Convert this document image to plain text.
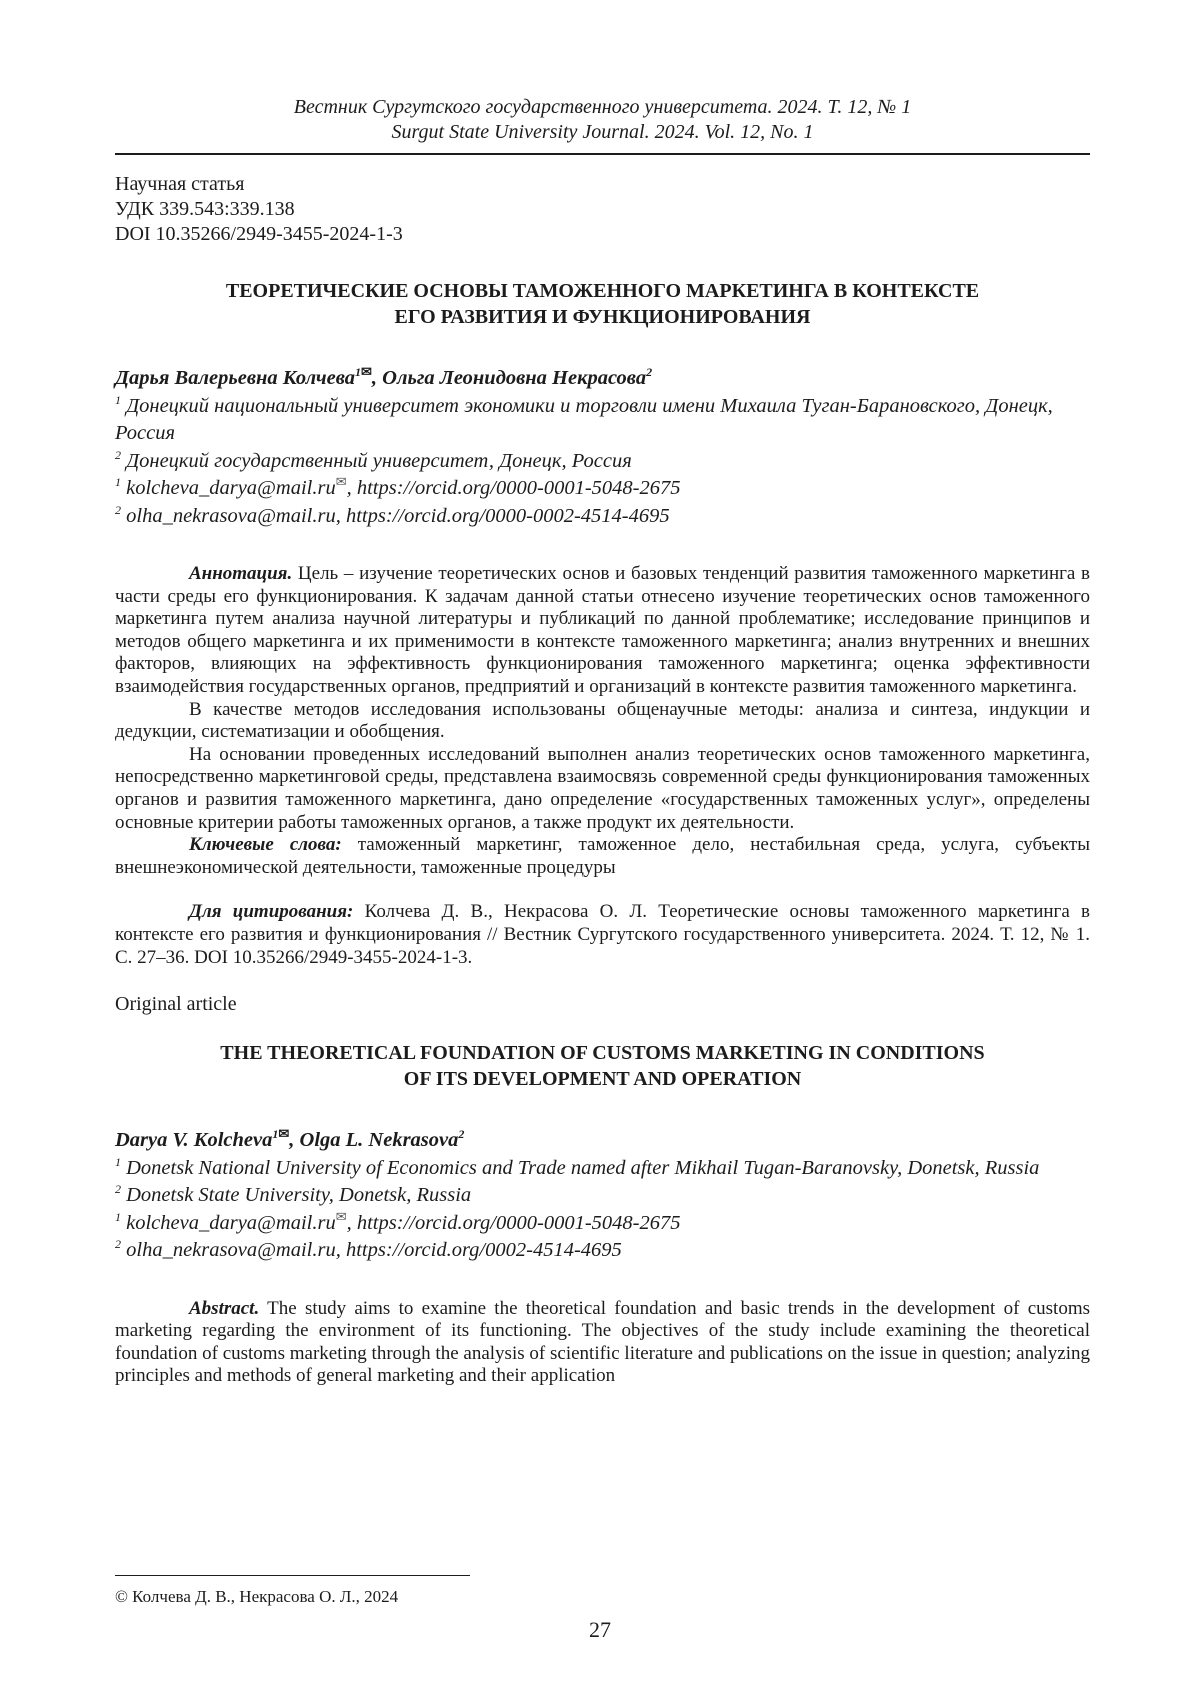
Вестник Сургутского государственного университета. 2024. Т. 12, № 1
Surgut State University Journal. 2024. Vol. 12, No. 1
Научная статья
УДК 339.543:339.138
DOI 10.35266/2949-3455-2024-1-3
ТЕОРЕТИЧЕСКИЕ ОСНОВЫ ТАМОЖЕННОГО МАРКЕТИНГА В КОНТЕКСТЕ
ЕГО РАЗВИТИЯ И ФУНКЦИОНИРОВАНИЯ
Дарья Валерьевна Колчева$^{1✉}$, Ольга Леонидовна Некрасова$^2$
$^1$ Донецкий национальный университет экономики и торговли имени Михаила Туган-Барановского, Донецк, Россия
$^2$ Донецкий государственный университет, Донецк, Россия
$^1$ kolcheva_darya@mail.ru✉, https://orcid.org/0000-0001-5048-2675
$^2$ olha_nekrasova@mail.ru, https://orcid.org/0000-0002-4514-4695

Аннотация. Цель – изучение теоретических основ и базовых тенденций развития таможенного маркетинга в части среды его функционирования. К задачам данной статьи отнесено изучение теоретических основ таможенного маркетинга путем анализа научной литературы и публикаций по данной проблематике; исследование принципов и методов общего маркетинга и их применимости в контексте таможенного маркетинга; анализ внутренних и внешних факторов, влияющих на эффективность функционирования таможенного маркетинга; оценка эффективности взаимодействия государственных органов, предприятий и организаций в контексте развития таможенного маркетинга.

В качестве методов исследования использованы общенаучные методы: анализа и синтеза, индукции и дедукции, систематизации и обобщения.

На основании проведенных исследований выполнен анализ теоретических основ таможенного маркетинга, непосредственно маркетинговой среды, представлена взаимосвязь современной среды функционирования таможенных органов и развития таможенного маркетинга, дано определение «государственных таможенных услуг», определены основные критерии работы таможенных органов, а также продукт их деятельности.

Ключевые слова: таможенный маркетинг, таможенное дело, нестабильная среда, услуга, субъекты внешнеэкономической деятельности, таможенные процедуры

Для цитирования: Колчева Д. В., Некрасова О. Л. Теоретические основы таможенного маркетинга в контексте его развития и функционирования // Вестник Сургутского государственного университета. 2024. Т. 12, № 1. С. 27–36. DOI 10.35266/2949-3455-2024-1-3.
Original article
THE THEORETICAL FOUNDATION OF CUSTOMS MARKETING IN CONDITIONS
OF ITS DEVELOPMENT AND OPERATION
Darya V. Kolcheva$^{1✉}$, Olga L. Nekrasova$^2$
$^1$ Donetsk National University of Economics and Trade named after Mikhail Tugan-Baranovsky, Donetsk, Russia
$^2$ Donetsk State University, Donetsk, Russia
$^1$ kolcheva_darya@mail.ru✉, https://orcid.org/0000-0001-5048-2675
$^2$ olha_nekrasova@mail.ru, https://orcid.org/0002-4514-4695

Abstract. The study aims to examine the theoretical foundation and basic trends in the development of customs marketing regarding the environment of its functioning. The objectives of the study include examining the theoretical foundation of customs marketing through the analysis of scientific literature and publications on the issue in question; analyzing principles and methods of general marketing and their application

© Колчева Д. В., Некрасова О. Л., 2024
27
